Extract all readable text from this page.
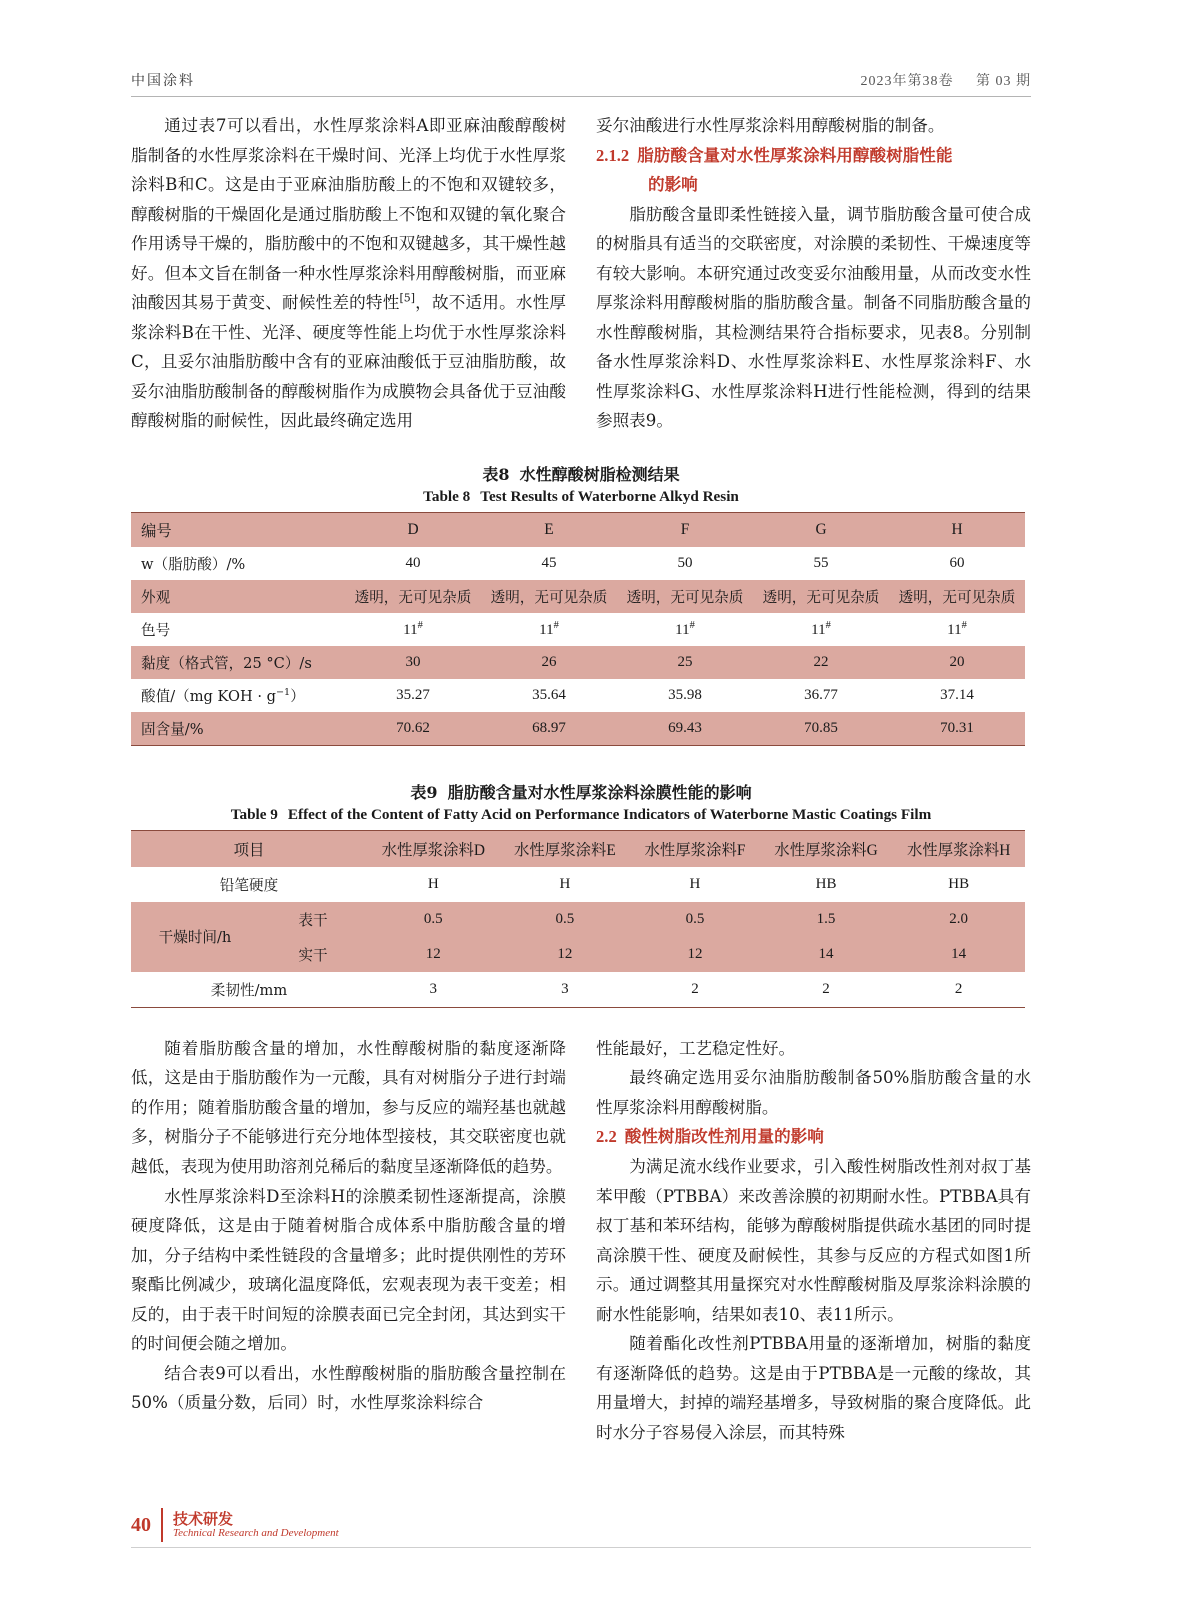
中国涂料	2023年第38卷 第 03 期

通过表7可以看出，水性厚浆涂料A即亚麻油酸醇酸树脂制备的水性厚浆涂料在干燥时间、光泽上均优于水性厚浆涂料B和C。这是由于亚麻油脂肪酸上的不饱和双键较多，醇酸树脂的干燥固化是通过脂肪酸上不饱和双键的氧化聚合作用诱导干燥的，脂肪酸中的不饱和双键越多，其干燥性越好。但本文旨在制备一种水性厚浆涂料用醇酸树脂，而亚麻油酸因其易于黄变、耐候性差的特性[5]，故不适用。水性厚浆涂料B在干性、光泽、硬度等性能上均优于水性厚浆涂料C，且妥尔油脂肪酸中含有的亚麻油酸低于豆油脂肪酸，故妥尔油脂肪酸制备的醇酸树脂作为成膜物会具备优于豆油酸醇酸树脂的耐候性，因此最终确定选用

妥尔油酸进行水性厚浆涂料用醇酸树脂的制备。

2.1.2 脂肪酸含量对水性厚浆涂料用醇酸树脂性能
的影响

脂肪酸含量即柔性链接入量，调节脂肪酸含量可使合成的树脂具有适当的交联密度，对涂膜的柔韧性、干燥速度等有较大影响。本研究通过改变妥尔油酸用量，从而改变水性厚浆涂料用醇酸树脂的脂肪酸含量。制备不同脂肪酸含量的水性醇酸树脂，其检测结果符合指标要求，见表8。分别制备水性厚浆涂料D、水性厚浆涂料E、水性厚浆涂料F、水性厚浆涂料G、水性厚浆涂料H进行性能检测，得到的结果参照表9。

表8 水性醇酸树脂检测结果
Table 8 Test Results of Waterborne Alkyd Resin
编号	D	E	F	G	H
w（脂肪酸）/%	40	45	50	55	60
外观	透明，无可见杂质	透明，无可见杂质	透明，无可见杂质	透明，无可见杂质	透明，无可见杂质
色号	11#	11#	11#	11#	11#
黏度（格式管，25 °C）/s	30	26	25	22	20
酸值/（mg KOH · $g^{-1}$）	35.27	35.64	35.98	36.77	37.14
固含量/%	70.62	68.97	69.43	70.85	70.31
表9 脂肪酸含量对水性厚浆涂料涂膜性能的影响
Table 9 Effect of the Content of Fatty Acid on Performance Indicators of Waterborne Mastic Coatings Film
项目		水性厚浆涂料D	水性厚浆涂料E	水性厚浆涂料F	水性厚浆涂料G	水性厚浆涂料H
铅笔硬度		H	H	H	HB	HB
干燥时间/h	表干	0.5	0.5	0.5	1.5	2.0
	实干	12	12	12	14	14
柔韧性/mm		3	3	2	2	2

随着脂肪酸含量的增加，水性醇酸树脂的黏度逐渐降低，这是由于脂肪酸作为一元酸，具有对树脂分子进行封端的作用；随着脂肪酸含量的增加，参与反应的端羟基也就越多，树脂分子不能够进行充分地体型接枝，其交联密度也就越低，表现为使用助溶剂兑稀后的黏度呈逐渐降低的趋势。

水性厚浆涂料D至涂料H的涂膜柔韧性逐渐提高，涂膜硬度降低，这是由于随着树脂合成体系中脂肪酸含量的增加，分子结构中柔性链段的含量增多；此时提供刚性的芳环聚酯比例减少，玻璃化温度降低，宏观表现为表干变差；相反的，由于表干时间短的涂膜表面已完全封闭，其达到实干的时间便会随之增加。

结合表9可以看出，水性醇酸树脂的脂肪酸含量控制在50%（质量分数，后同）时，水性厚浆涂料综合

性能最好，工艺稳定性好。

最终确定选用妥尔油脂肪酸制备50%脂肪酸含量的水性厚浆涂料用醇酸树脂。

2.2 酸性树脂改性剂用量的影响

为满足流水线作业要求，引入酸性树脂改性剂对叔丁基苯甲酸（PTBBA）来改善涂膜的初期耐水性。PTBBA具有叔丁基和苯环结构，能够为醇酸树脂提供疏水基团的同时提高涂膜干性、硬度及耐候性，其参与反应的方程式如图1所示。通过调整其用量探究对水性醇酸树脂及厚浆涂料涂膜的耐水性能影响，结果如表10、表11所示。

随着酯化改性剂PTBBA用量的逐渐增加，树脂的黏度有逐渐降低的趋势。这是由于PTBBA是一元酸的缘故，其用量增大，封掉的端羟基增多，导致树脂的聚合度降低。此时水分子容易侵入涂层，而其特殊

40 技术研发
Technical Research and Development
